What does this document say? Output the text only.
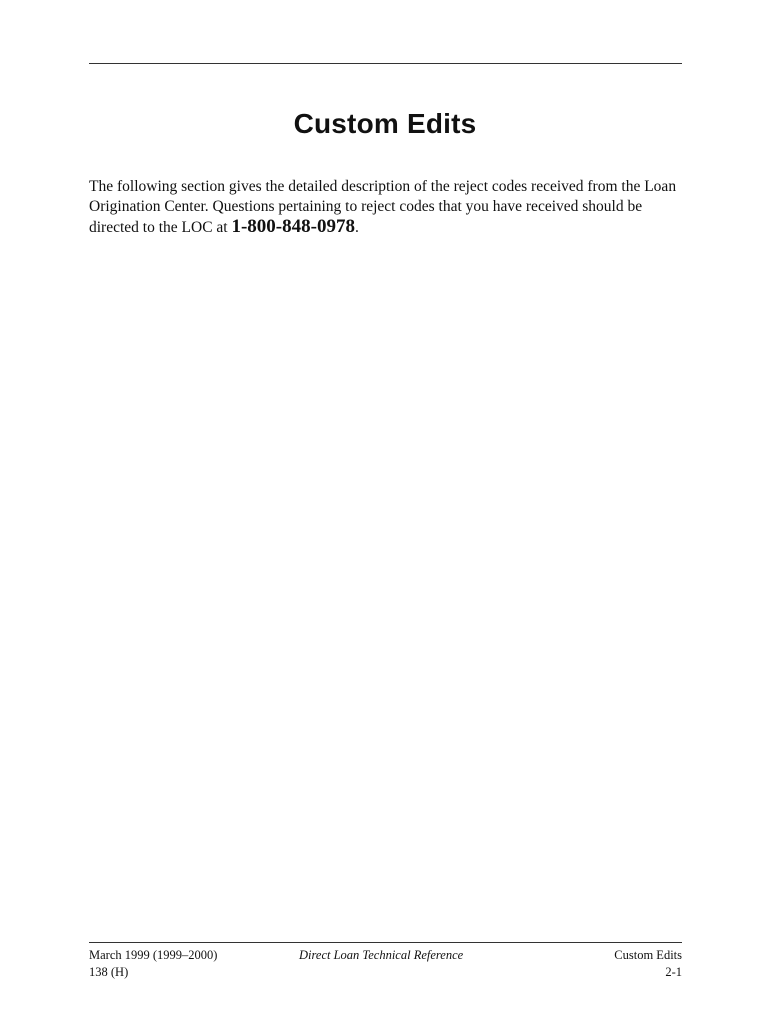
Custom Edits

The following section gives the detailed description of the reject codes received from the Loan
Origination Center. Questions pertaining to reject codes that you have received should be
directed to the LOC at 1-800-848-0978.

March 1999 (1999–2000)
138 (H)
Direct Loan Technical Reference	Custom Edits
2-1
